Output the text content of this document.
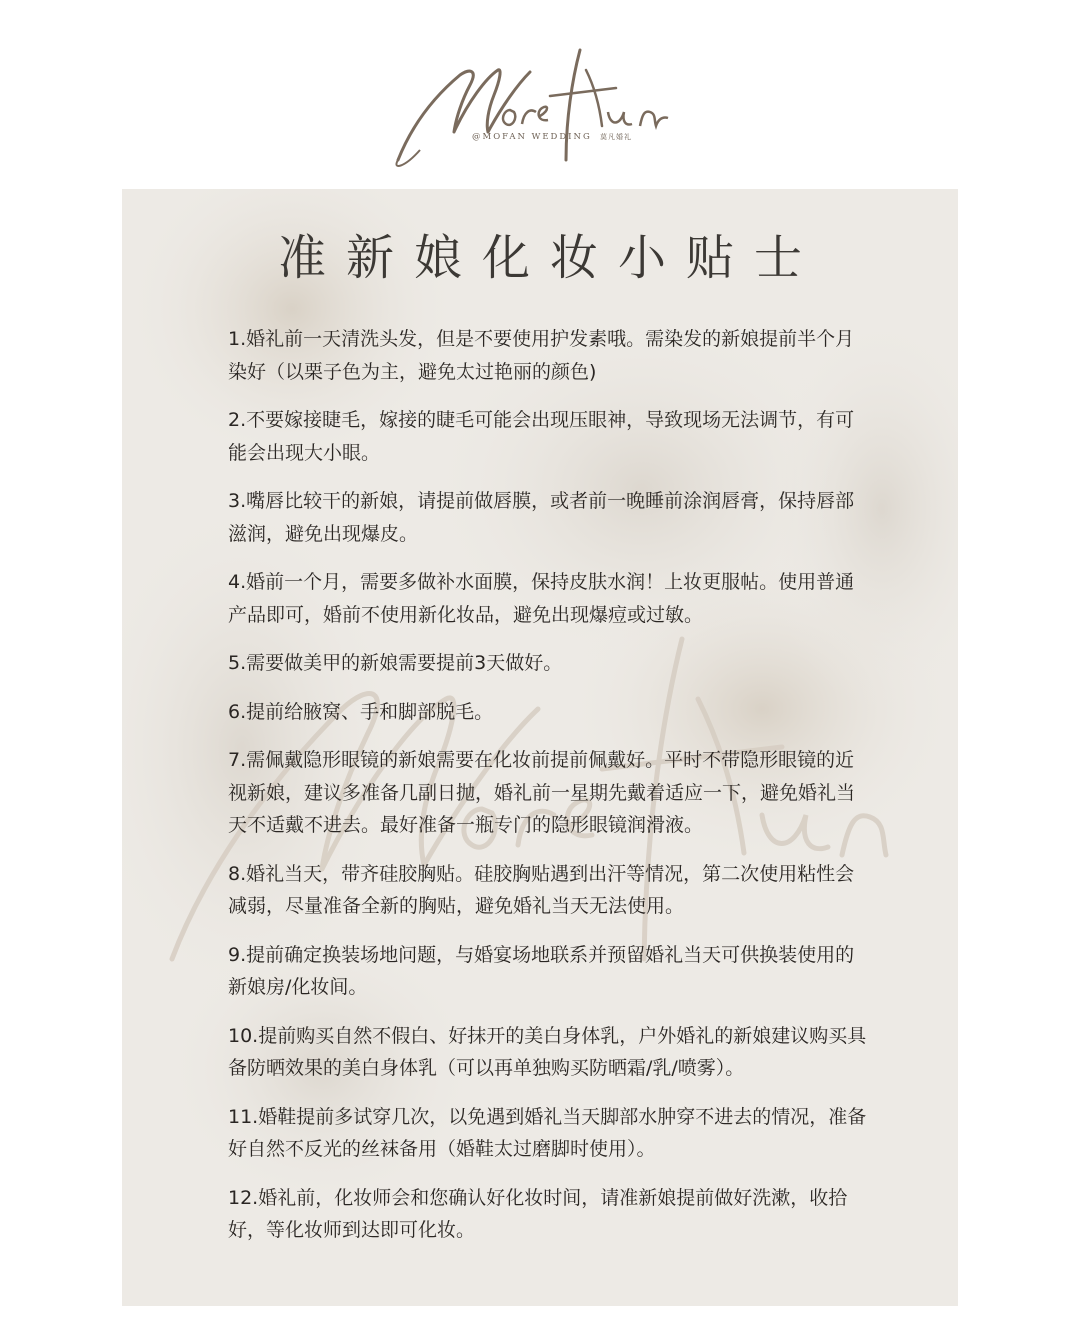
@MOFAN WEDDING 莫凡婚礼
准新娘化妆小贴士

1.婚礼前一天清洗头发，但是不要使用护发素哦。需染发的新娘提前半个月染好（以栗子色为主，避免太过艳丽的颜色)

2.不要嫁接睫毛，嫁接的睫毛可能会出现压眼神，导致现场无法调节，有可能会出现大小眼。

3.嘴唇比较干的新娘，请提前做唇膜，或者前一晚睡前涂润唇膏，保持唇部滋润，避免出现爆皮。

4.婚前一个月，需要多做补水面膜，保持皮肤水润！上妆更服帖。使用普通产品即可，婚前不使用新化妆品，避免出现爆痘或过敏。

5.需要做美甲的新娘需要提前3天做好。

6.提前给腋窝、手和脚部脱毛。

7.需佩戴隐形眼镜的新娘需要在化妆前提前佩戴好。平时不带隐形眼镜的近视新娘，建议多准备几副日抛，婚礼前一星期先戴着适应一下，避免婚礼当天不适戴不进去。最好准备一瓶专门的隐形眼镜润滑液。

8.婚礼当天，带齐硅胶胸贴。硅胶胸贴遇到出汗等情况，第二次使用粘性会减弱，尽量准备全新的胸贴，避免婚礼当天无法使用。

9.提前确定换装场地问题，与婚宴场地联系并预留婚礼当天可供换装使用的新娘房/化妆间。

10.提前购买自然不假白、好抹开的美白身体乳，户外婚礼的新娘建议购买具备防晒效果的美白身体乳（可以再单独购买防晒霜/乳/喷雾）。

11.婚鞋提前多试穿几次，以免遇到婚礼当天脚部水肿穿不进去的情况，准备好自然不反光的丝袜备用（婚鞋太过磨脚时使用）。

12.婚礼前，化妆师会和您确认好化妆时间，请准新娘提前做好洗漱，收拾好，等化妆师到达即可化妆。
